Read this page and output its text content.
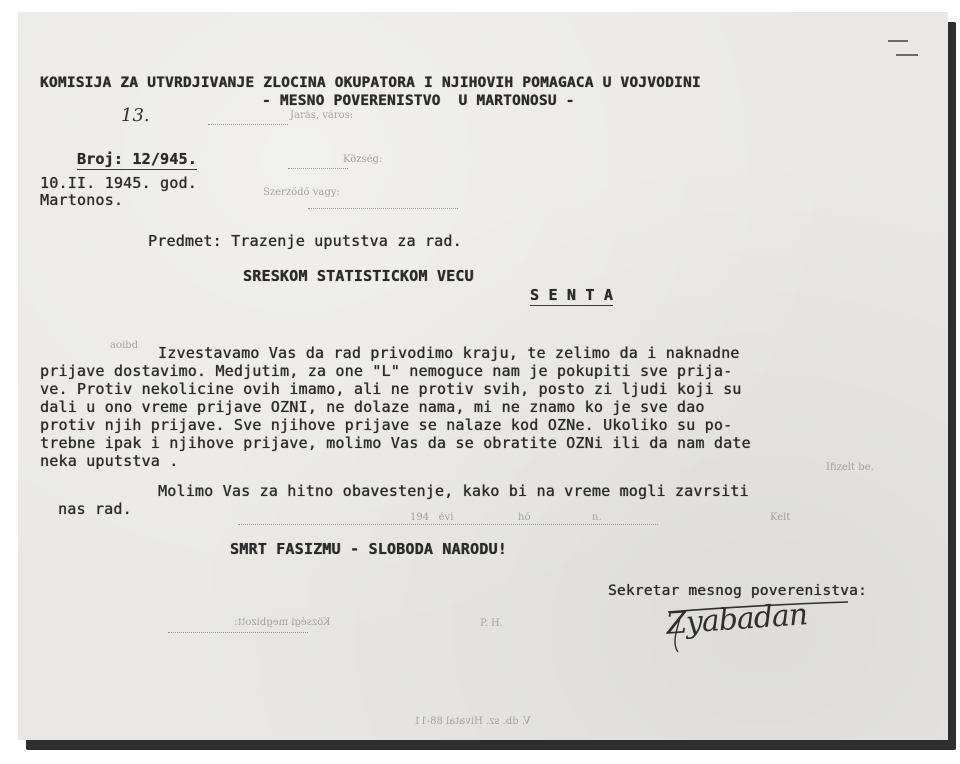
Jarás, város:
Község:
Szerződő vagy:
aoibd
Ifizelt be.
Kelt
194   évi	hó	n.
P. H.
Községi megbizott:
V. db. sz. Hivatal 88-11
KOMISIJA ZA UTVRDJIVANJE ZLOCINA OKUPATORA I NJIHOVIH POMAGACA U VOJVODINI
- MESNO POVERENISTVO  U MARTONOSU -

Broj: 12/945.

13.
10.II. 1945. god.
Martonos.
Predmet: Trazenje uputstva za rad.
SRESKOM STATISTICKOM VECU
S E N T A
Izvestavamo Vas da rad privodimo kraju, te zelimo da i naknadne
prijave dostavimo. Medjutim, za one "L" nemoguce nam je pokupiti sve prija-
ve. Protiv nekolicine ovih imamo, ali ne protiv svih, posto zi ljudi koji su
dali u ono vreme prijave OZNI, ne dolaze nama, mi ne znamo ko je sve dao
protiv njih prijave. Sve njihove prijave se nalaze kod OZNe. Ukoliko su po-
trebne ipak i njihove prijave, molimo Vas da se obratite OZNi ili da nam date
neka uputstva .
Molimo Vas za hitno obavestenje, kako bi na vreme mogli zavrsiti
nas rad.
SMRT FASIZMU - SLOBODA NARODU!
Sekretar mesnog poverenistva:
Zyabadan
